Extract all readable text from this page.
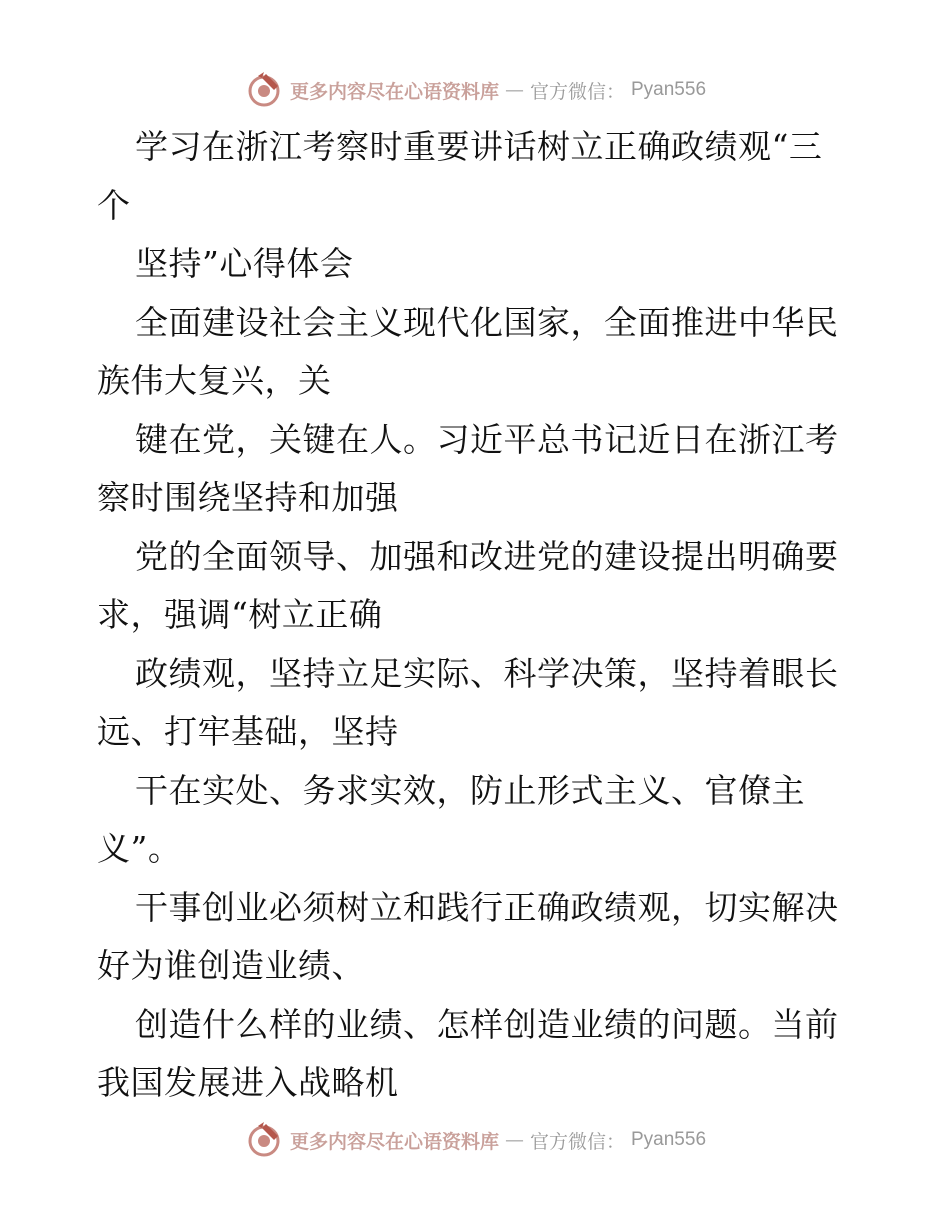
更多内容尽在心语资料库 — 官方微信： Pyan556
学习在浙江考察时重要讲话树立正确政绩观“三
个
坚持”心得体会
全面建设社会主义现代化国家，全面推进中华民
族伟大复兴，关
键在党，关键在人。习近平总书记近日在浙江考
察时围绕坚持和加强
党的全面领导、加强和改进党的建设提出明确要
求，强调“树立正确
政绩观，坚持立足实际、科学决策，坚持着眼长
远、打牢基础，坚持
干在实处、务求实效，防止形式主义、官僚主
义”。
干事创业必须树立和践行正确政绩观，切实解决
好为谁创造业绩、
创造什么样的业绩、怎样创造业绩的问题。当前
我国发展进入战略机
更多内容尽在心语资料库 — 官方微信： Pyan556
